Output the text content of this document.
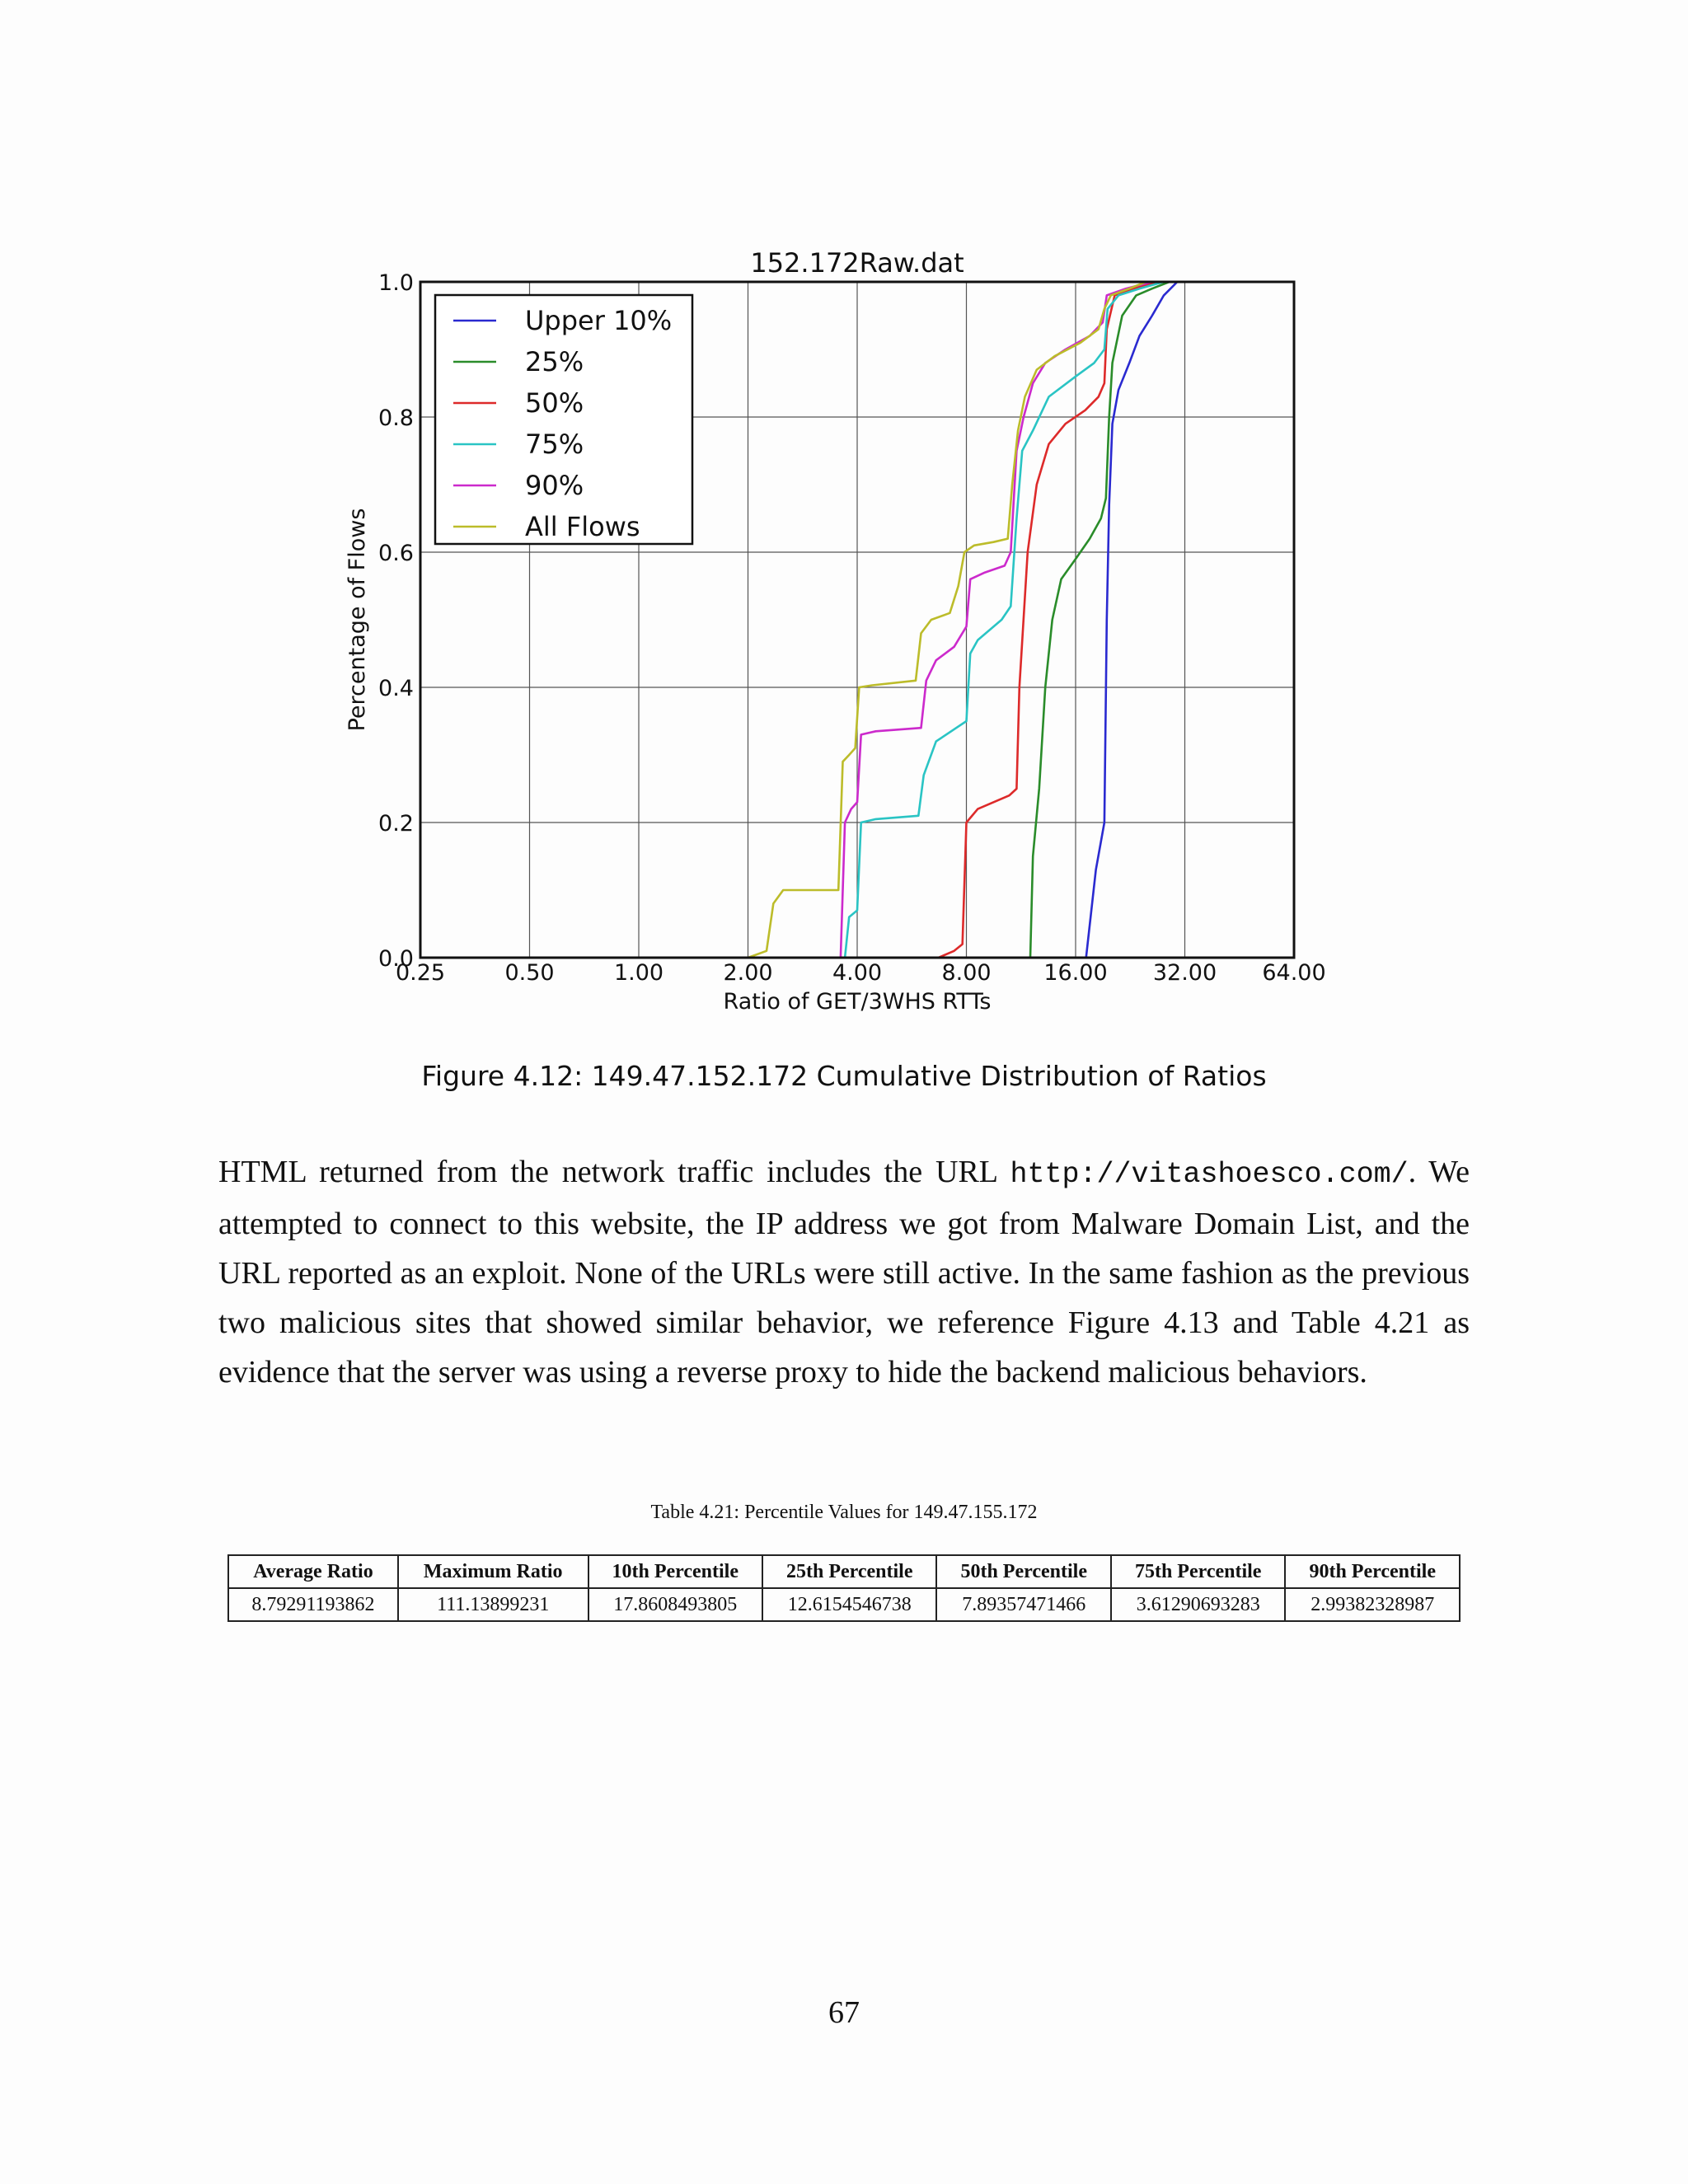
0.25	0.50	1.00	2.00	4.00	8.00 16.00 32.00 64.00
0.0
0.2
0.4
0.6
0.8
1.0
152.172Raw.dat
Ratio of GET/3WHS RTTs
Percentage of Flows
Upper 10%
25%
50%
75%
90%
All Flows
Figure 4.12: 149.47.152.172 Cumulative Distribution of Ratios
HTML returned from the network traffic includes the URL http://vitashoesco.com/. We attempted to connect to this website, the IP address we got from Malware Domain List, and the URL reported as an exploit. None of the URLs were still active. In the same fashion as the previous two malicious sites that showed similar behavior, we reference Figure 4.13 and Table 4.21 as evidence that the server was using a reverse proxy to hide the backend malicious behaviors.
Table 4.21: Percentile Values for 149.47.155.172
Average Ratio	Maximum Ratio	10th Percentile	25th Percentile	50th Percentile	75th Percentile	90th Percentile
8.79291193862	111.13899231	17.8608493805	12.6154546738	7.89357471466	3.61290693283	2.99382328987
67
